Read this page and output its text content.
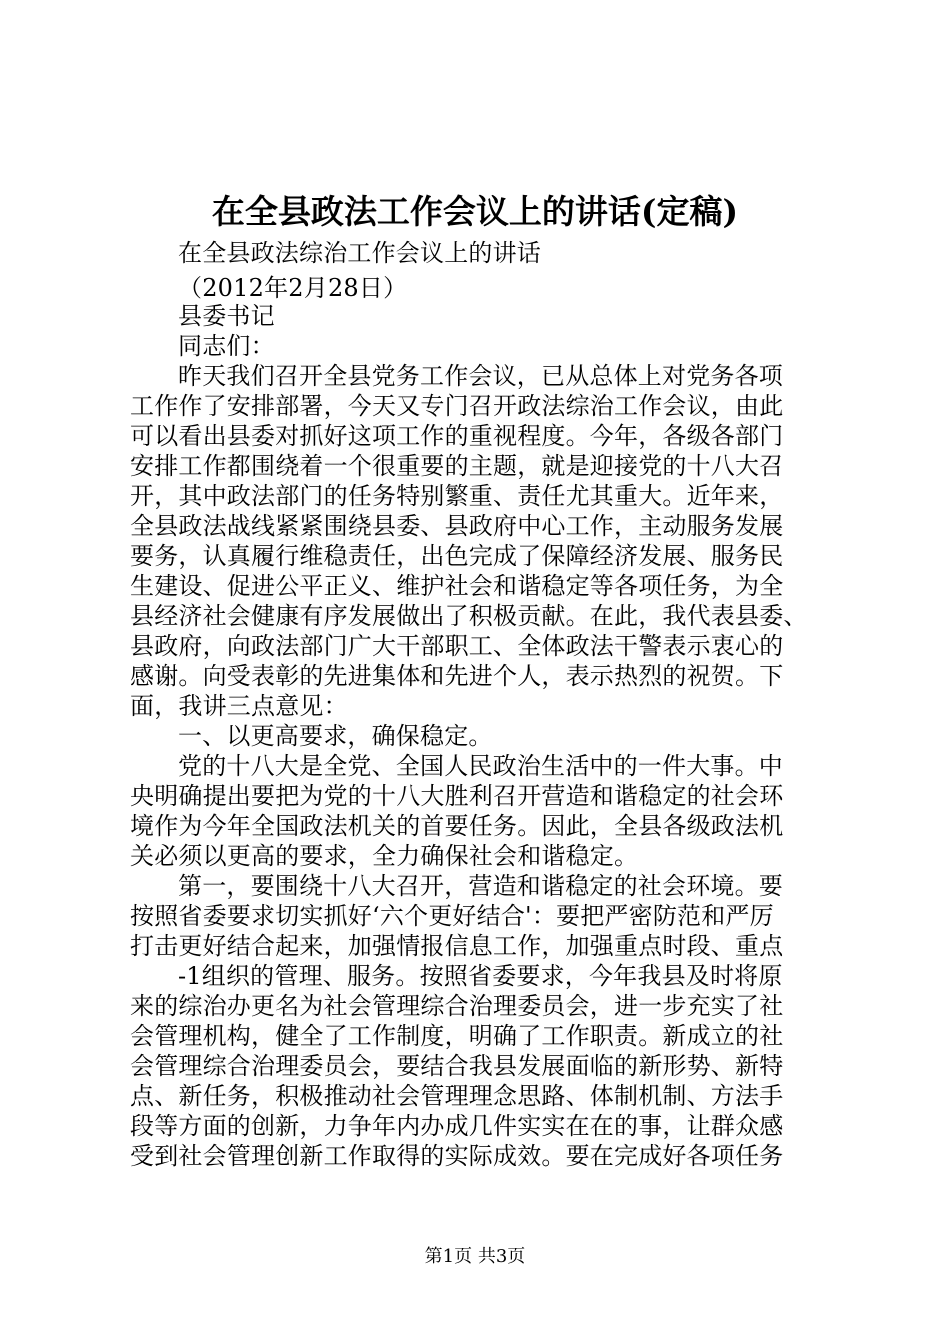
在全县政法工作会议上的讲话(定稿)
在全县政法综治工作会议上的讲话
（2012年2月28日）
县委书记
同志们：
昨天我们召开全县党务工作会议，已从总体上对党务各项
工作作了安排部署，今天又专门召开政法综治工作会议，由此
可以看出县委对抓好这项工作的重视程度。今年，各级各部门
安排工作都围绕着一个很重要的主题，就是迎接党的十八大召
开，其中政法部门的任务特别繁重、责任尤其重大。近年来，
全县政法战线紧紧围绕县委、县政府中心工作，主动服务发展
要务，认真履行维稳责任，出色完成了保障经济发展、服务民
生建设、促进公平正义、维护社会和谐稳定等各项任务，为全
县经济社会健康有序发展做出了积极贡献。在此，我代表县委、
县政府，向政法部门广大干部职工、全体政法干警表示衷心的
感谢。向受表彰的先进集体和先进个人，表示热烈的祝贺。下
面，我讲三点意见：
一、以更高要求，确保稳定。
党的十八大是全党、全国人民政治生活中的一件大事。中
央明确提出要把为党的十八大胜利召开营造和谐稳定的社会环
境作为今年全国政法机关的首要任务。因此，全县各级政法机
关必须以更高的要求，全力确保社会和谐稳定。
第一，要围绕十八大召开，营造和谐稳定的社会环境。要
按照省委要求切实抓好‘六个更好结合'：要把严密防范和严厉
打击更好结合起来，加强情报信息工作，加强重点时段、重点
-1组织的管理、服务。按照省委要求，今年我县及时将原
来的综治办更名为社会管理综合治理委员会，进一步充实了社
会管理机构，健全了工作制度，明确了工作职责。新成立的社
会管理综合治理委员会，要结合我县发展面临的新形势、新特
点、新任务，积极推动社会管理理念思路、体制机制、方法手
段等方面的创新，力争年内办成几件实实在在的事，让群众感
受到社会管理创新工作取得的实际成效。要在完成好各项任务
第1页 共3页
